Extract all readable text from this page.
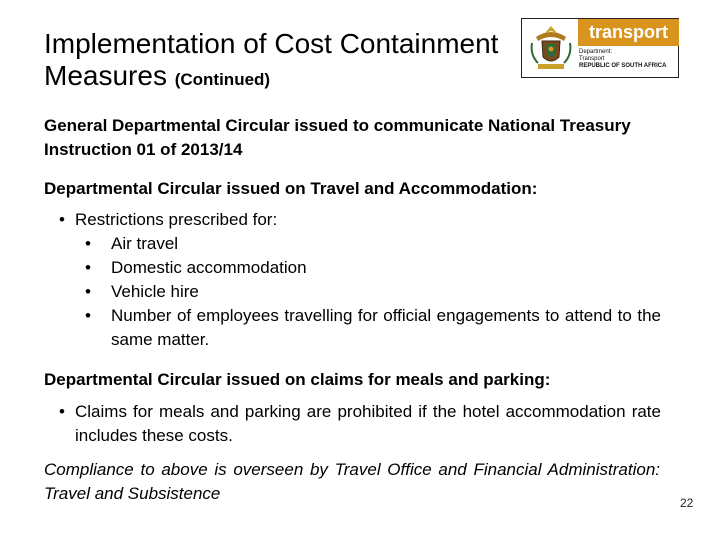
Implementation of Cost Containment Measures (Continued)
transport
Department:
Transport
REPUBLIC OF SOUTH AFRICA
General Departmental Circular issued to communicate National Treasury Instruction 01 of 2013/14
Departmental Circular issued on Travel and Accommodation:
• Restrictions prescribed for:
• Air travel
• Domestic accommodation
• Vehicle hire
• Number of employees travelling for official engagements to attend to the same matter.
Departmental Circular issued on claims for meals and parking:
• Claims for meals and parking are prohibited if the hotel accommodation rate includes these costs.
Compliance to above is overseen by Travel Office and Financial Administration: Travel and Subsistence	22
